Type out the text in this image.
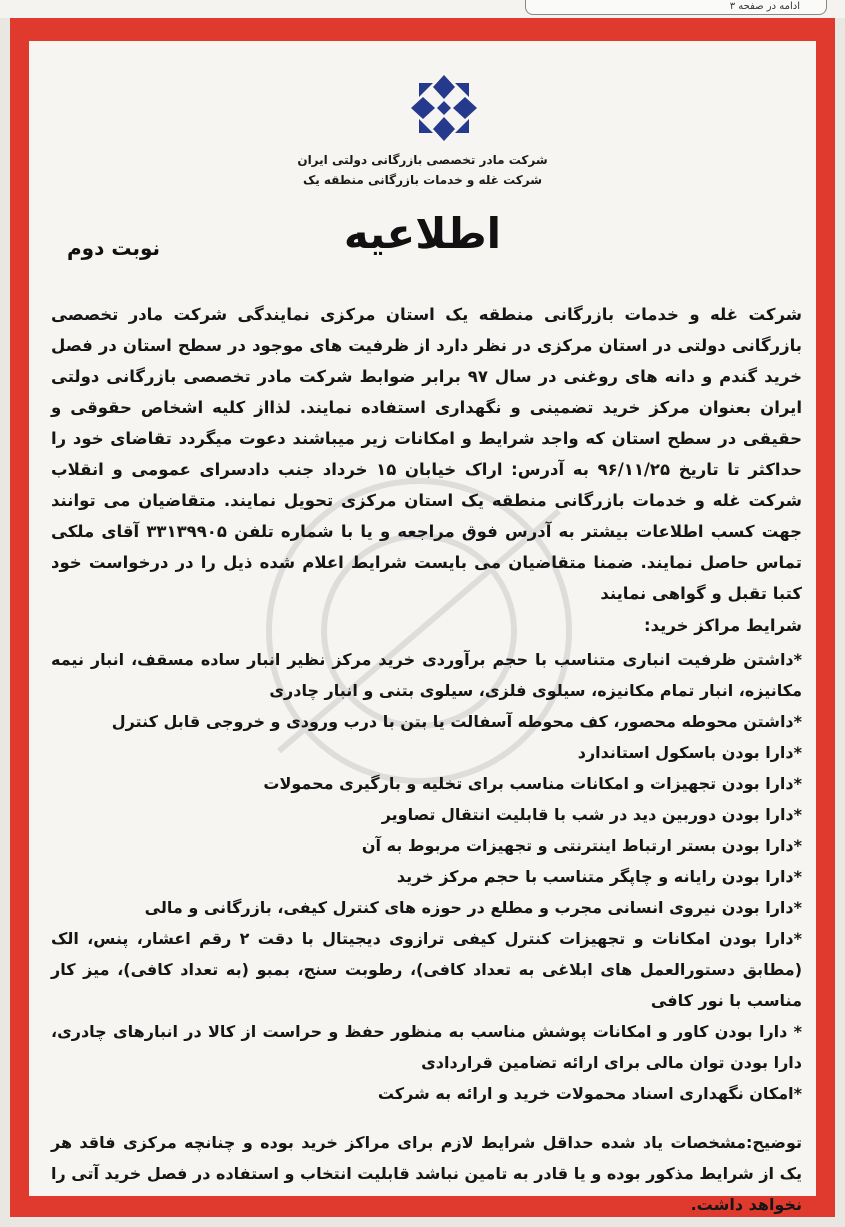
ادامه در صفحه ۳
شرکت مادر تخصصی بازرگانی دولتی ایران
شرکت غله و خدمات بازرگانی منطقه یک
اطلاعیه
نوبت دوم
شرکت غله و خدمات بازرگانی منطقه یک استان مرکزی نمایندگی شرکت مادر تخصصی بازرگانی دولتی در استان مرکزی در نظر دارد از ظرفیت های موجود در سطح استان در فصل خرید گندم و دانه های روغنی در سال ۹۷ برابر ضوابط شرکت مادر تخصصی بازرگانی دولتی ایران بعنوان مرکز خرید تضمینی و نگهداری استفاده نمایند. لذااز کلیه اشخاص حقوقی و حقیقی در سطح استان که واجد شرایط و امکانات زیر میباشند دعوت میگردد تقاضای خود را حداکثر تا تاریخ ۹۶/۱۱/۲۵ به آدرس: اراک خیابان ۱۵ خرداد جنب دادسرای عمومی و انقلاب شرکت غله و خدمات بازرگانی منطقه یک استان مرکزی تحویل نمایند. متقاضیان می توانند جهت کسب اطلاعات بیشتر به آدرس فوق مراجعه و یا با شماره تلفن ۳۳۱۳۹۹۰۵ آقای ملکی تماس حاصل نمایند. ضمنا متقاضیان می بایست شرایط اعلام شده ذیل را در درخواست خود کتبا تقبل و گواهی نمایند
شرایط مراکز خرید:
*داشتن ظرفیت انباری متناسب با حجم برآوردی خرید مرکز نظیر انبار ساده مسقف، انبار نیمه مکانیزه، انبار تمام مکانیزه، سیلوی فلزی، سیلوی بتنی و انبار چادری
*داشتن محوطه محصور، کف محوطه آسفالت یا بتن با درب ورودی و خروجی قابل کنترل
*دارا بودن باسکول استاندارد
*دارا بودن تجهیزات و امکانات مناسب برای تخلیه و بارگیری محمولات
*دارا بودن دوربین دید در شب با قابلیت انتقال تصاویر
*دارا بودن بستر ارتباط اینترنتی و تجهیزات مربوط به آن
*دارا بودن رایانه و چاپگر متناسب با حجم مرکز خرید
*دارا بودن نیروی انسانی مجرب و مطلع در حوزه های کنترل کیفی، بازرگانی و مالی
*دارا بودن امکانات و تجهیزات کنترل کیفی ترازوی دیجیتال با دقت ۲ رقم اعشار، پنس، الک (مطابق دستورالعمل های ابلاغی به تعداد کافی)، رطوبت سنج، بمبو (به تعداد کافی)، میز کار مناسب با نور کافی
* دارا بودن کاور و امکانات پوشش مناسب به منظور حفظ و حراست از کالا در انبارهای چادری، دارا بودن توان مالی برای ارائه تضامین قراردادی
*امکان نگهداری اسناد محمولات خرید و ارائه به شرکت
توضیح:مشخصات یاد شده حداقل شرایط لازم برای مراکز خرید بوده و چنانچه مرکزی فاقد هر یک از شرایط مذکور بوده و یا قادر به تامین نباشد قابلیت انتخاب و استفاده در فصل خرید آتی را نخواهد داشت.
